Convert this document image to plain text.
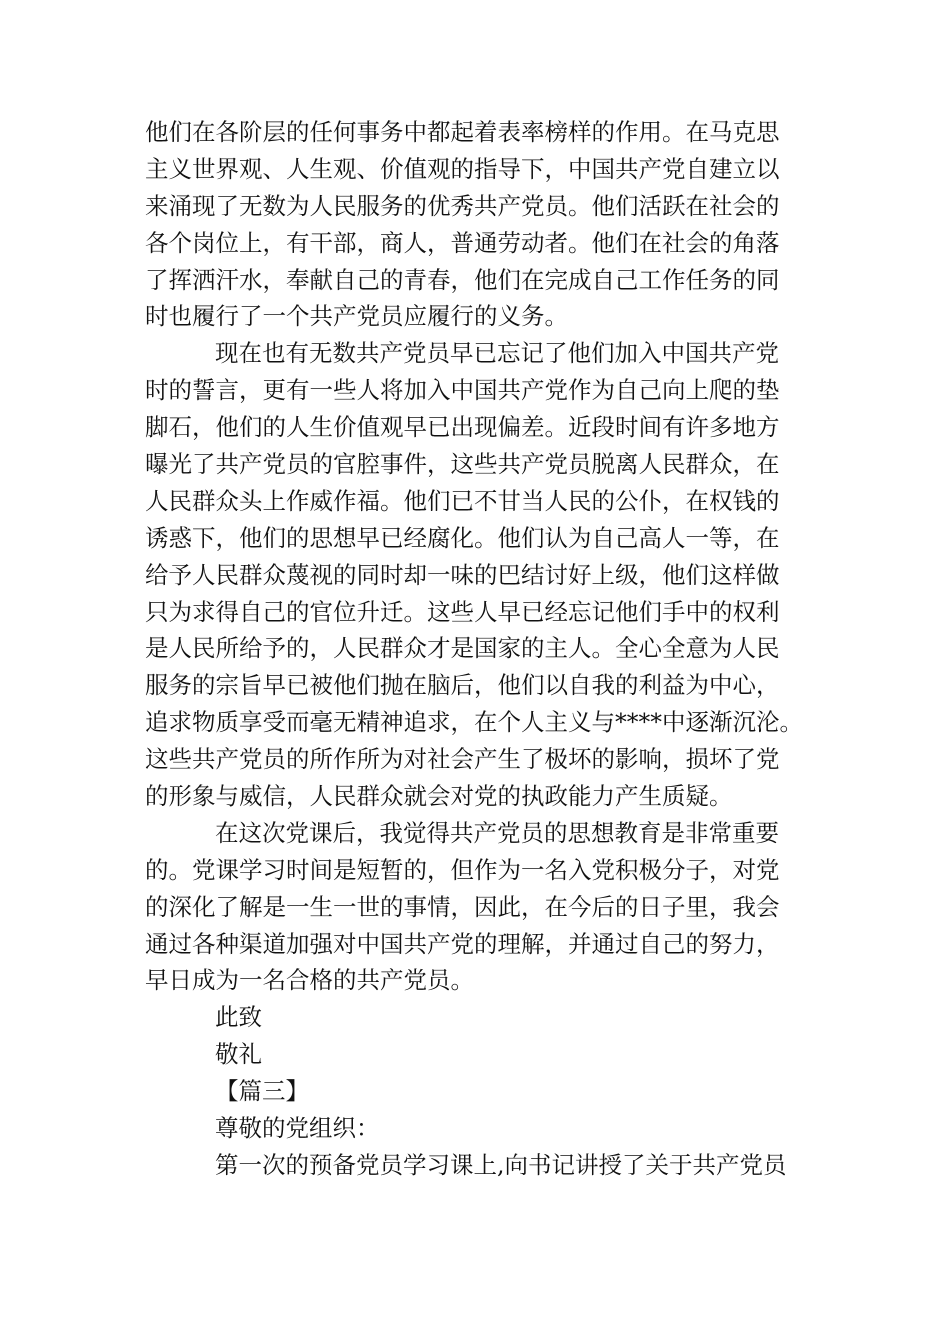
他们在各阶层的任何事务中都起着表率榜样的作用。在马克思
主义世界观、人生观、价值观的指导下，中国共产党自建立以
来涌现了无数为人民服务的优秀共产党员。他们活跃在社会的
各个岗位上，有干部，商人，普通劳动者。他们在社会的角落
了挥洒汗水，奉献自己的青春，他们在完成自己工作任务的同
时也履行了一个共产党员应履行的义务。
现在也有无数共产党员早已忘记了他们加入中国共产党
时的誓言，更有一些人将加入中国共产党作为自己向上爬的垫
脚石，他们的人生价值观早已出现偏差。近段时间有许多地方
曝光了共产党员的官腔事件，这些共产党员脱离人民群众，在
人民群众头上作威作福。他们已不甘当人民的公仆，在权钱的
诱惑下，他们的思想早已经腐化。他们认为自己高人一等，在
给予人民群众蔑视的同时却一味的巴结讨好上级，他们这样做
只为求得自己的官位升迁。这些人早已经忘记他们手中的权利
是人民所给予的，人民群众才是国家的主人。全心全意为人民
服务的宗旨早已被他们抛在脑后，他们以自我的利益为中心，
追求物质享受而毫无精神追求，在个人主义与****中逐渐沉沦。
这些共产党员的所作所为对社会产生了极坏的影响，损坏了党
的形象与威信，人民群众就会对党的执政能力产生质疑。
在这次党课后，我觉得共产党员的思想教育是非常重要
的。党课学习时间是短暂的，但作为一名入党积极分子，对党
的深化了解是一生一世的事情，因此，在今后的日子里，我会
通过各种渠道加强对中国共产党的理解，并通过自己的努力，
早日成为一名合格的共产党员。
此致
敬礼
【篇三】
尊敬的党组织：
第一次的预备党员学习课上,向书记讲授了关于共产党员
